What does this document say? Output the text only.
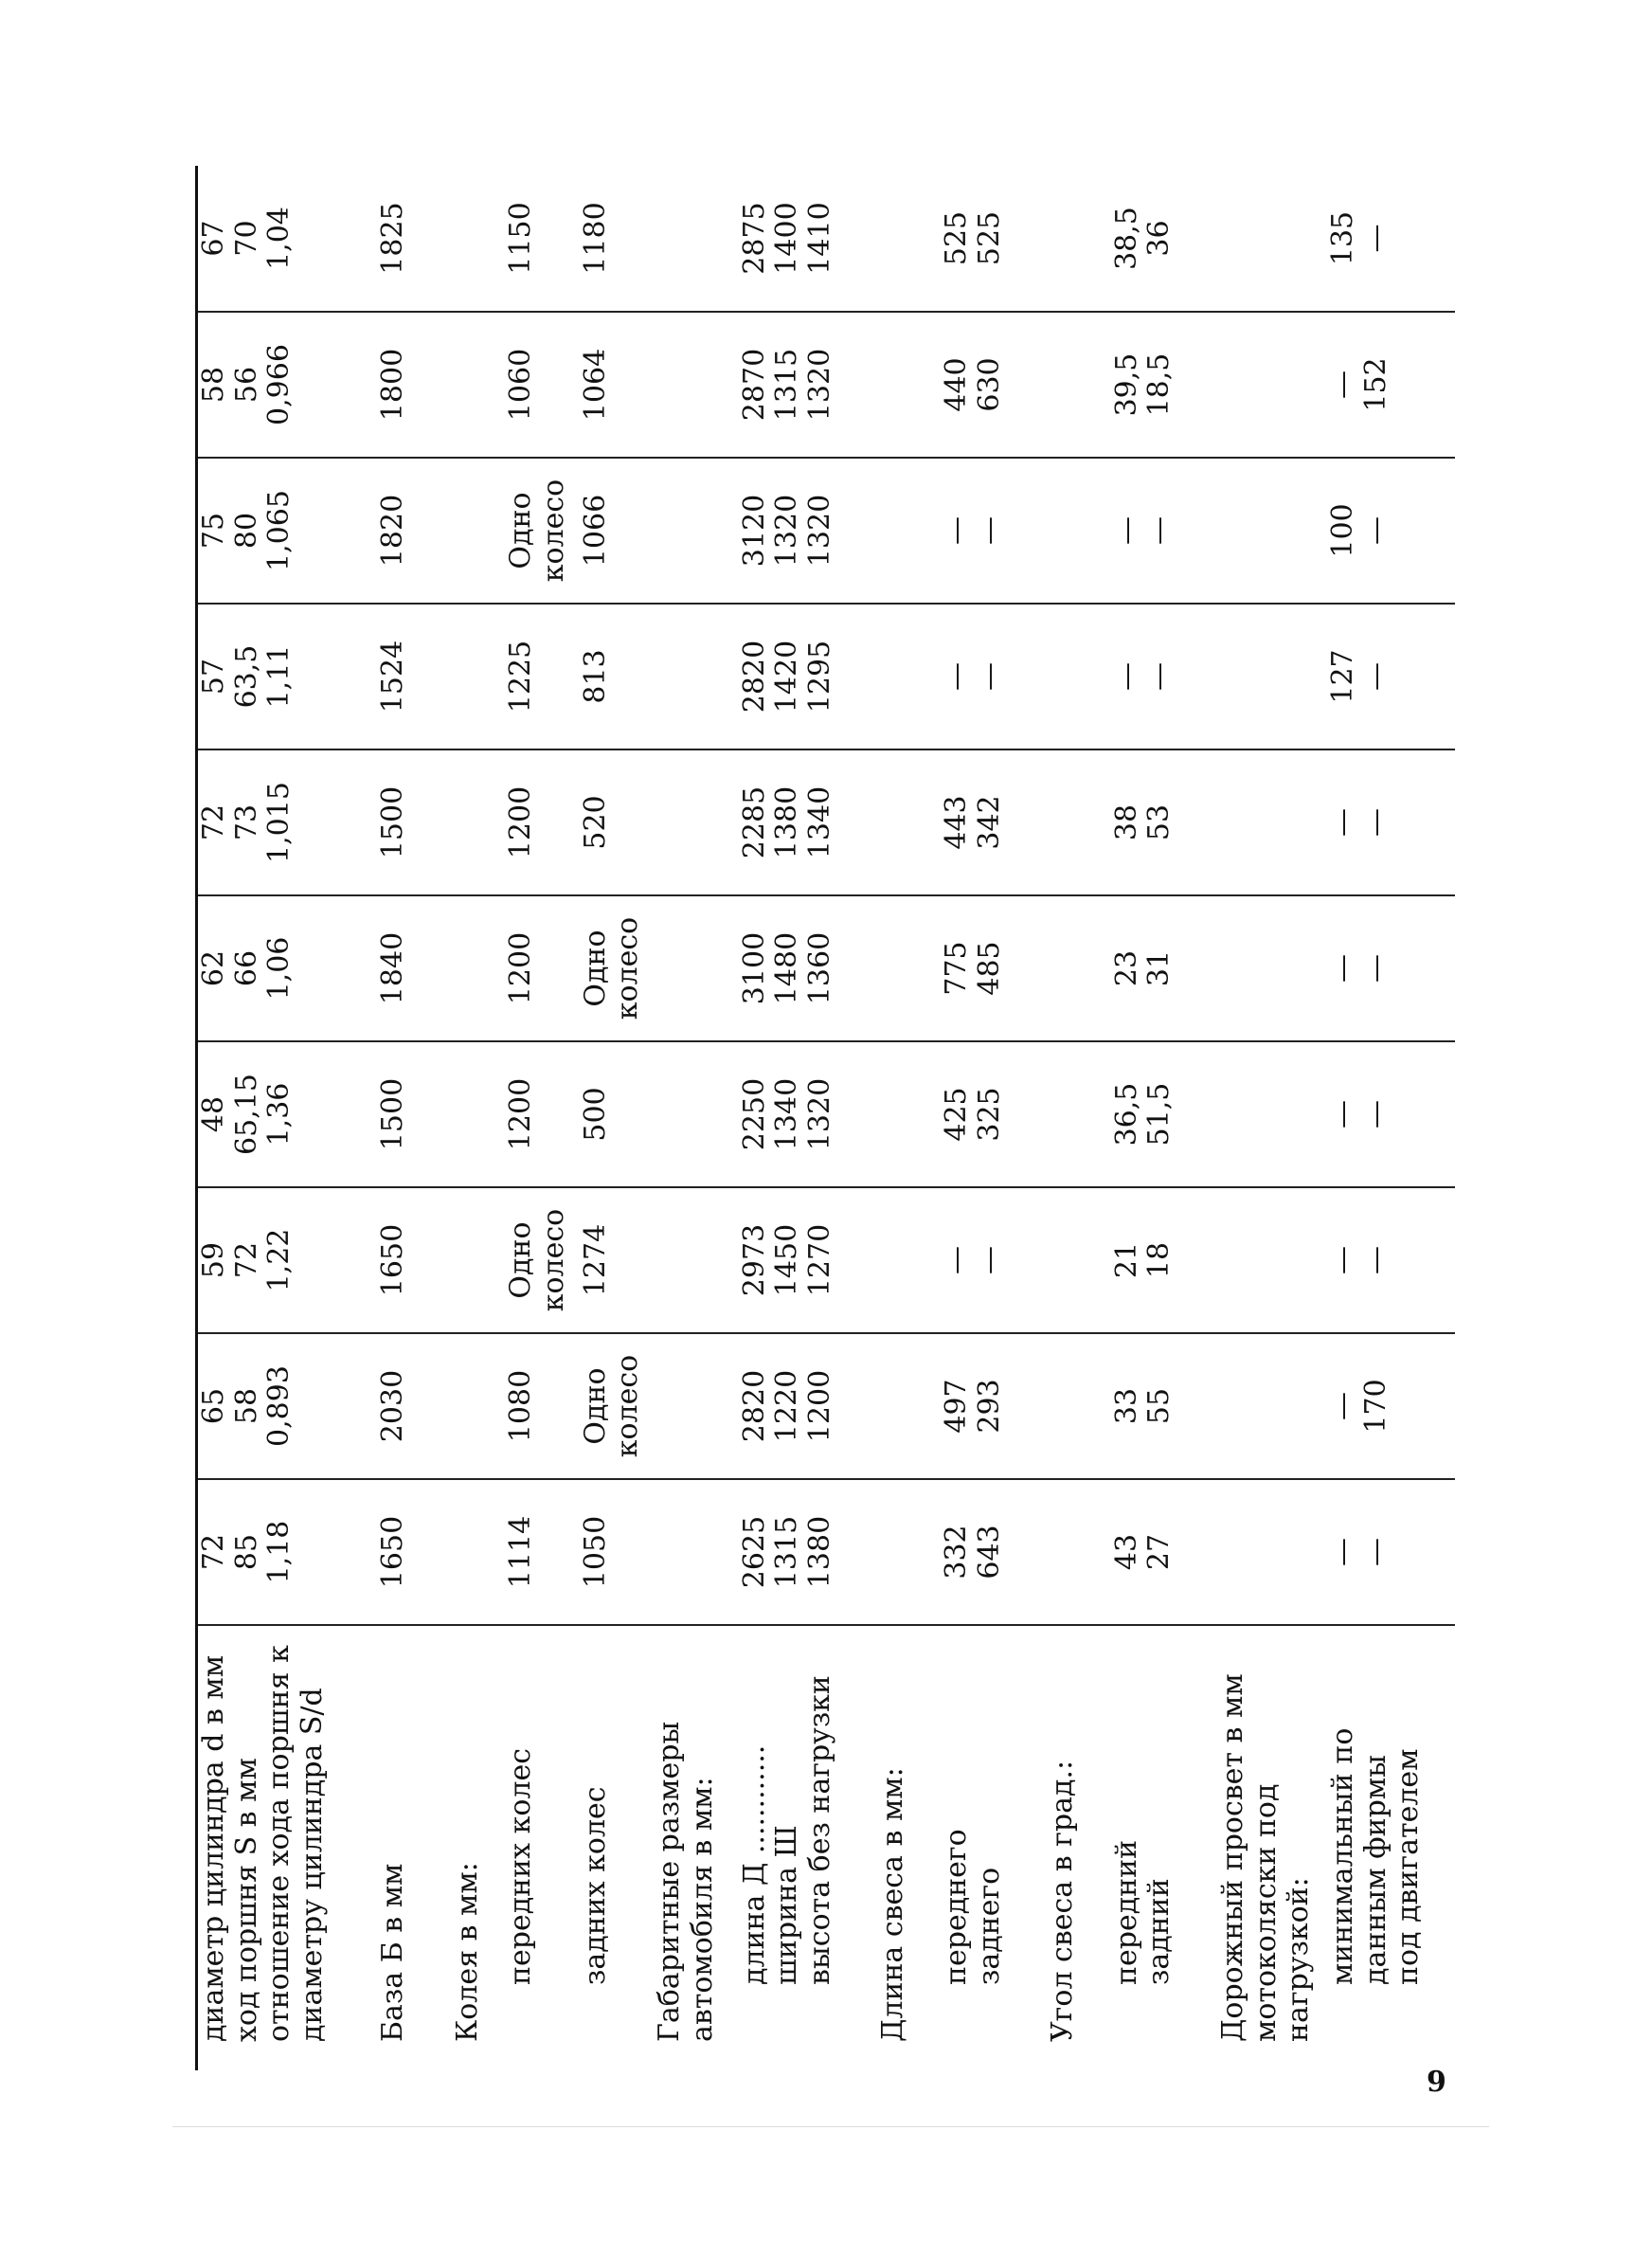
диаметр цилиндра d в мм ход поршня S в мм отношение хода поршня к диаметру цилиндра S/d	72 85 1,18	65 58 0,893	59 72 1,22	48 65,15 1,36	62 66 1,06	72 73 1,015	57 63,5 1,11	75 80 1,065	58 56 0,966	67 70 1,04

База Б в мм	1650	2030	1650	1500	1840	1500	1524	1820	1800	1825

Колея в мм:										

передних колес	1114	1080	Одно колесо	1200	1200	1200	1225	Одно колесо	1060	1150

задних колес	1050	Одно колесо	1274	500	Одно колесо	520	813	1066	1064	1180

Габаритные размеры автомобиля в мм:										

длина Д ............ ширина Ш высота без нагрузки	2625 1315 1380	2820 1220 1200	2973 1450 1270	2250 1340 1320	3100 1480 1360	2285 1380 1340	2820 1420 1295	3120 1320 1320	2870 1315 1320	2875 1400 1410

Длина свеса в мм:										

переднего заднего	332 643	497 293	— —	425 325	775 485	443 342	— —	— —	440 630	525 525

Угол свеса в град.:										

передний задний	43 27	33 55	21 18	36,5 51,5	23 31	38 53	— —	— —	39,5 18,5	38,5 36

Дорожный просвет в мм мотоколяски под нагрузкой:										

минимальный по данным фирмы под двигателем	— —	— 170	— —	— —	— —	— —	127 —	100 —	— 152	135 —
9
